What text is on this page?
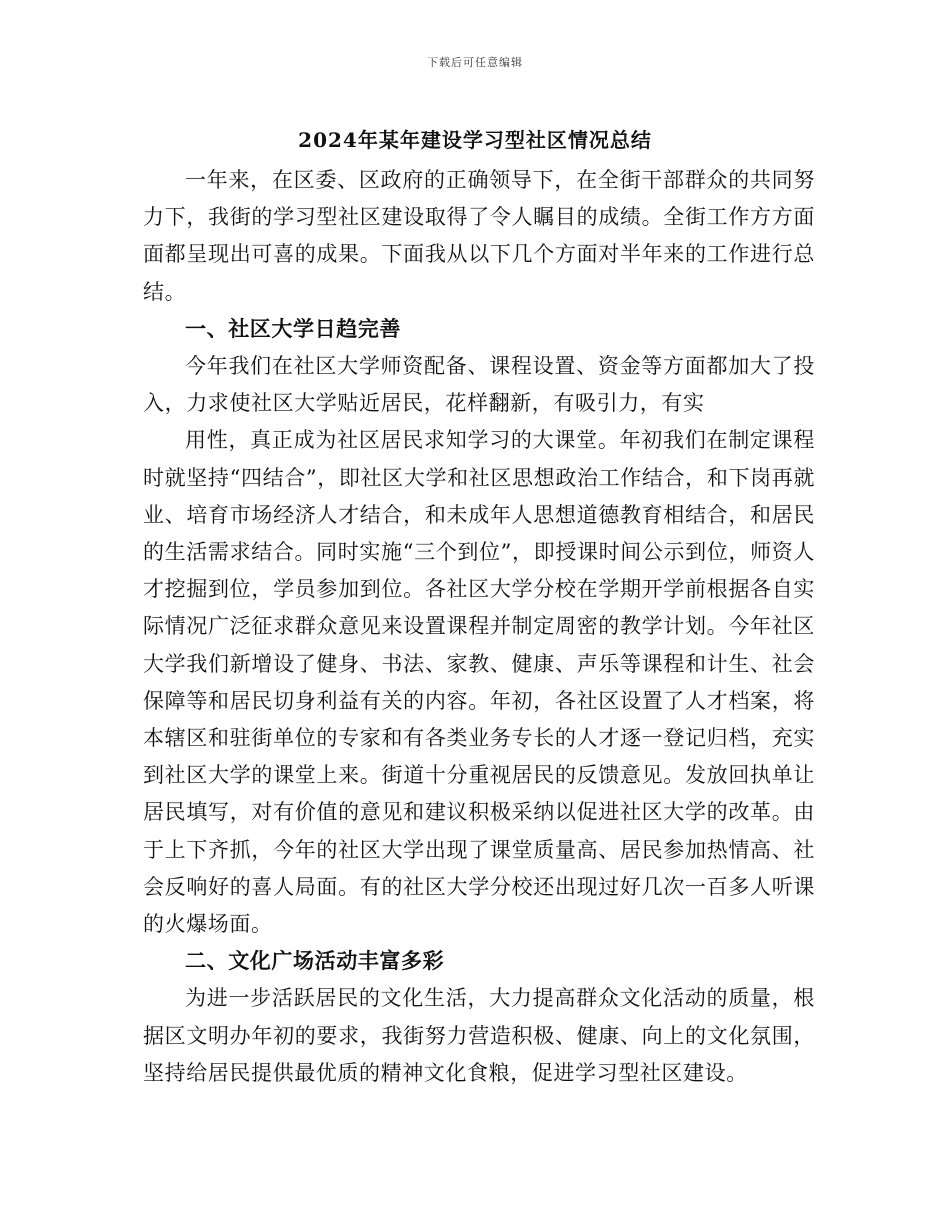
下载后可任意编辑
2024年某年建设学习型社区情况总结

一年来，在区委、区政府的正确领导下，在全街干部群众的共同努力下，我街的学习型社区建设取得了令人瞩目的成绩。全街工作方方面面都呈现出可喜的成果。下面我从以下几个方面对半年来的工作进行总结。

一、社区大学日趋完善

今年我们在社区大学师资配备、课程设置、资金等方面都加大了投入，力求使社区大学贴近居民，花样翻新，有吸引力，有实

用性，真正成为社区居民求知学习的大课堂。年初我们在制定课程时就坚持“四结合”，即社区大学和社区思想政治工作结合，和下岗再就业、培育市场经济人才结合，和未成年人思想道德教育相结合，和居民的生活需求结合。同时实施“三个到位”，即授课时间公示到位，师资人才挖掘到位，学员参加到位。各社区大学分校在学期开学前根据各自实际情况广泛征求群众意见来设置课程并制定周密的教学计划。今年社区大学我们新增设了健身、书法、家教、健康、声乐等课程和计生、社会保障等和居民切身利益有关的内容。年初，各社区设置了人才档案，将本辖区和驻街单位的专家和有各类业务专长的人才逐一登记归档，充实到社区大学的课堂上来。街道十分重视居民的反馈意见。发放回执单让居民填写，对有价值的意见和建议积极采纳以促进社区大学的改革。由于上下齐抓，今年的社区大学出现了课堂质量高、居民参加热情高、社会反响好的喜人局面。有的社区大学分校还出现过好几次一百多人听课的火爆场面。

二、文化广场活动丰富多彩

为进一步活跃居民的文化生活，大力提高群众文化活动的质量，根据区文明办年初的要求，我街努力营造积极、健康、向上的文化氛围，坚持给居民提供最优质的精神文化食粮，促进学习型社区建设。
